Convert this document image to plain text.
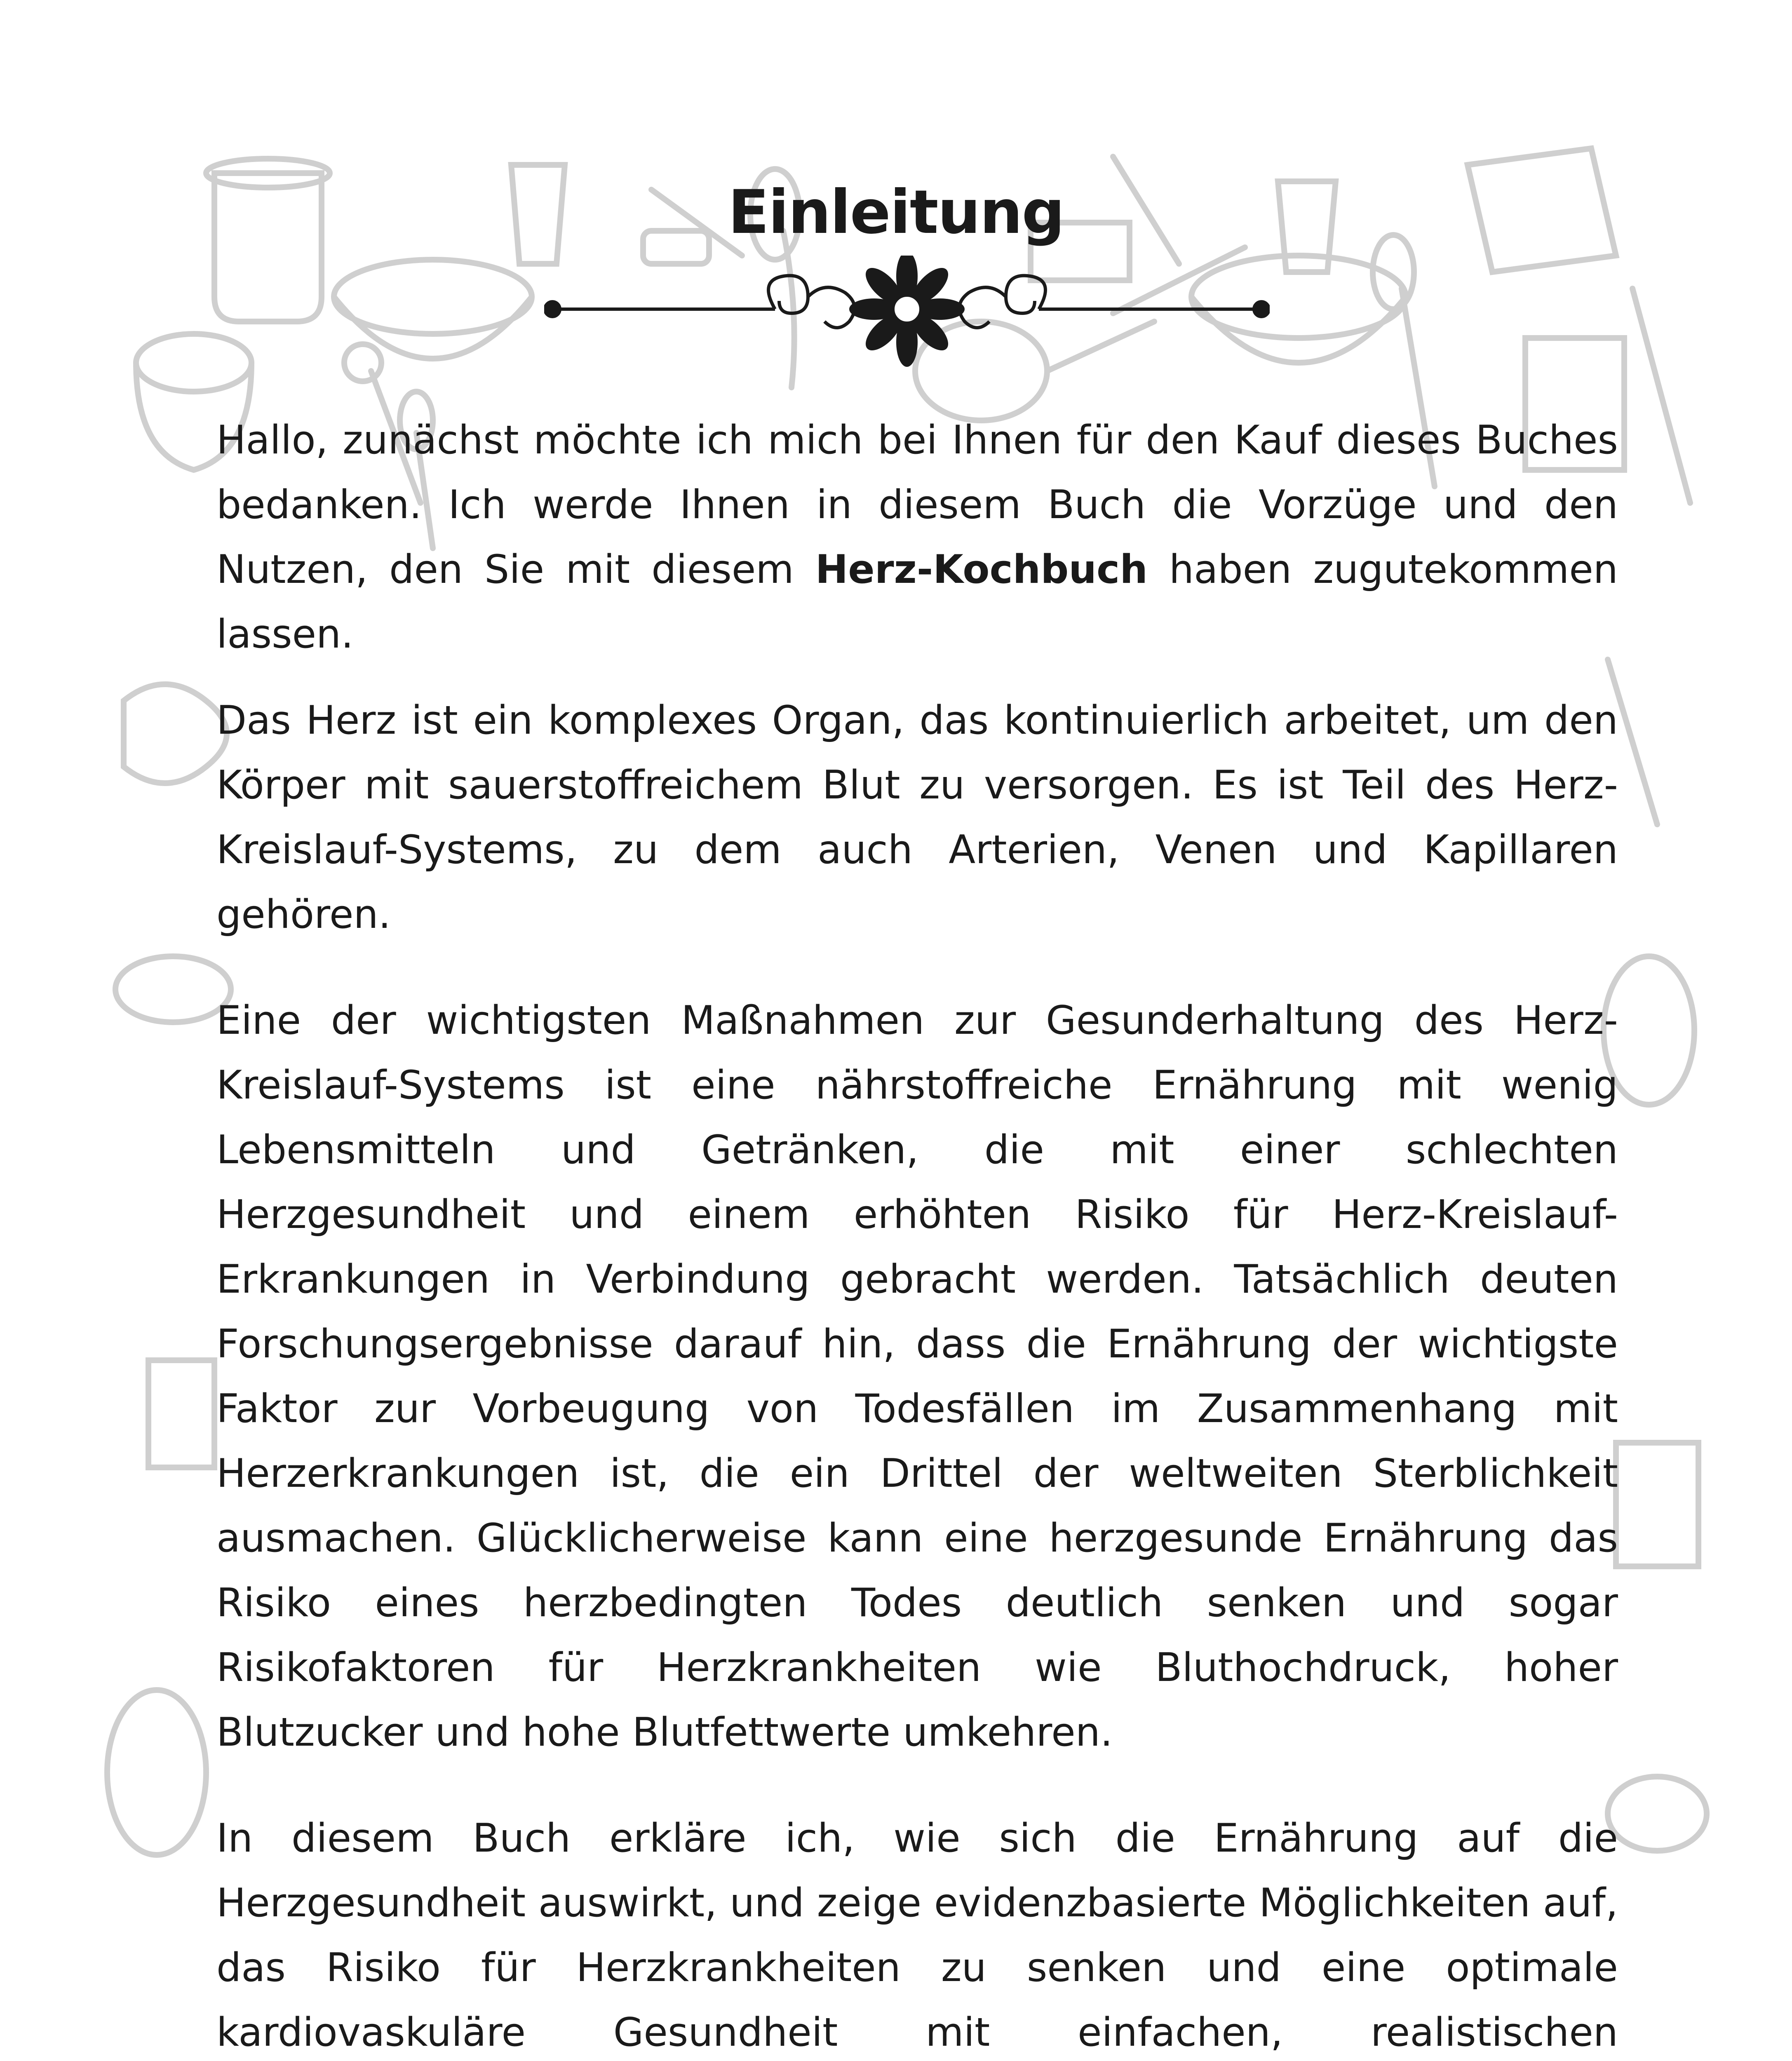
Einleitung

Hallo, zunächst möchte ich mich bei Ihnen für den Kauf dieses Buches bedanken. Ich werde Ihnen in diesem Buch die Vorzüge und den Nutzen, den Sie mit diesem Herz-Kochbuch haben zugutekommen lassen.

Das Herz ist ein komplexes Organ, das kontinuierlich arbeitet, um den Körper mit sauerstoffreichem Blut zu versorgen. Es ist Teil des Herz-Kreislauf-Systems, zu dem auch Arterien, Venen und Kapillaren gehören.

Eine der wichtigsten Maßnahmen zur Gesunderhaltung des Herz-Kreislauf-Systems ist eine nährstoffreiche Ernährung mit wenig Lebensmitteln und Getränken, die mit einer schlechten Herzgesundheit und einem erhöhten Risiko für Herz-Kreislauf-Erkrankungen in Verbindung gebracht werden. Tatsächlich deuten Forschungsergebnisse darauf hin, dass die Ernährung der wichtigste Faktor zur Vorbeugung von Todesfällen im Zusammenhang mit Herzerkrankungen ist, die ein Drittel der weltweiten Sterblichkeit ausmachen. Glücklicherweise kann eine herzgesunde Ernährung das Risiko eines herzbedingten Todes deutlich senken und sogar Risikofaktoren für Herzkrankheiten wie Bluthochdruck, hoher Blutzucker und hohe Blutfettwerte umkehren.

In diesem Buch erkläre ich, wie sich die Ernährung auf die Herzgesundheit auswirkt, und zeige evidenzbasierte Möglichkeiten auf, das Risiko für Herzkrankheiten zu senken und eine optimale kardiovaskuläre Gesundheit mit einfachen, realistischen
